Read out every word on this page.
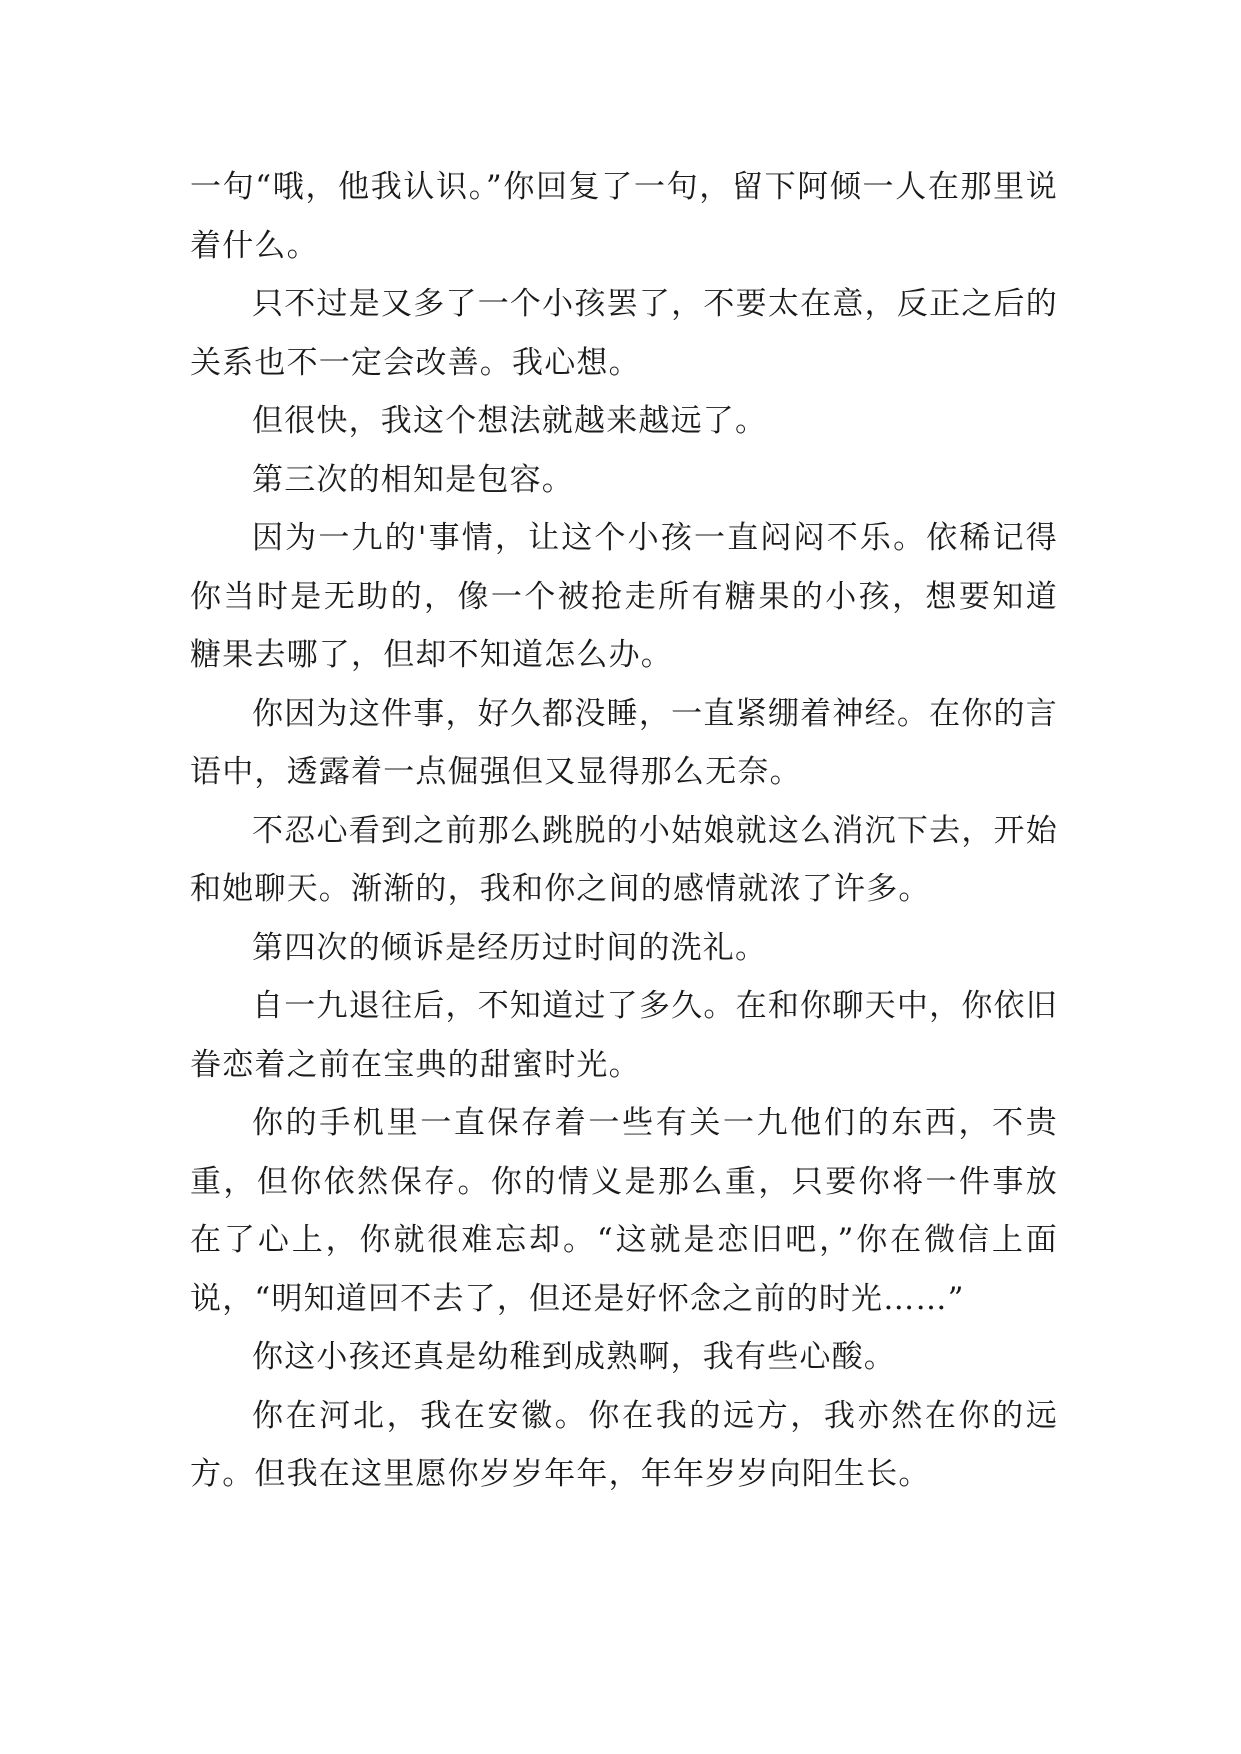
一句“哦，他我认识。”你回复了一句，留下阿倾一人在那里说着什么。

只不过是又多了一个小孩罢了，不要太在意，反正之后的关系也不一定会改善。我心想。

但很快，我这个想法就越来越远了。

第三次的相知是包容。

因为一九的'事情，让这个小孩一直闷闷不乐。依稀记得你当时是无助的，像一个被抢走所有糖果的小孩，想要知道糖果去哪了，但却不知道怎么办。

你因为这件事，好久都没睡，一直紧绷着神经。在你的言语中，透露着一点倔强但又显得那么无奈。

不忍心看到之前那么跳脱的小姑娘就这么消沉下去，开始和她聊天。渐渐的，我和你之间的感情就浓了许多。

第四次的倾诉是经历过时间的洗礼。

自一九退往后，不知道过了多久。在和你聊天中，你依旧眷恋着之前在宝典的甜蜜时光。

你的手机里一直保存着一些有关一九他们的东西，不贵重，但你依然保存。你的情义是那么重，只要你将一件事放在了心上，你就很难忘却。“这就是恋旧吧，”你在微信上面说，“明知道回不去了，但还是好怀念之前的时光……”

你这小孩还真是幼稚到成熟啊，我有些心酸。

你在河北，我在安徽。你在我的远方，我亦然在你的远方。但我在这里愿你岁岁年年，年年岁岁向阳生长。
